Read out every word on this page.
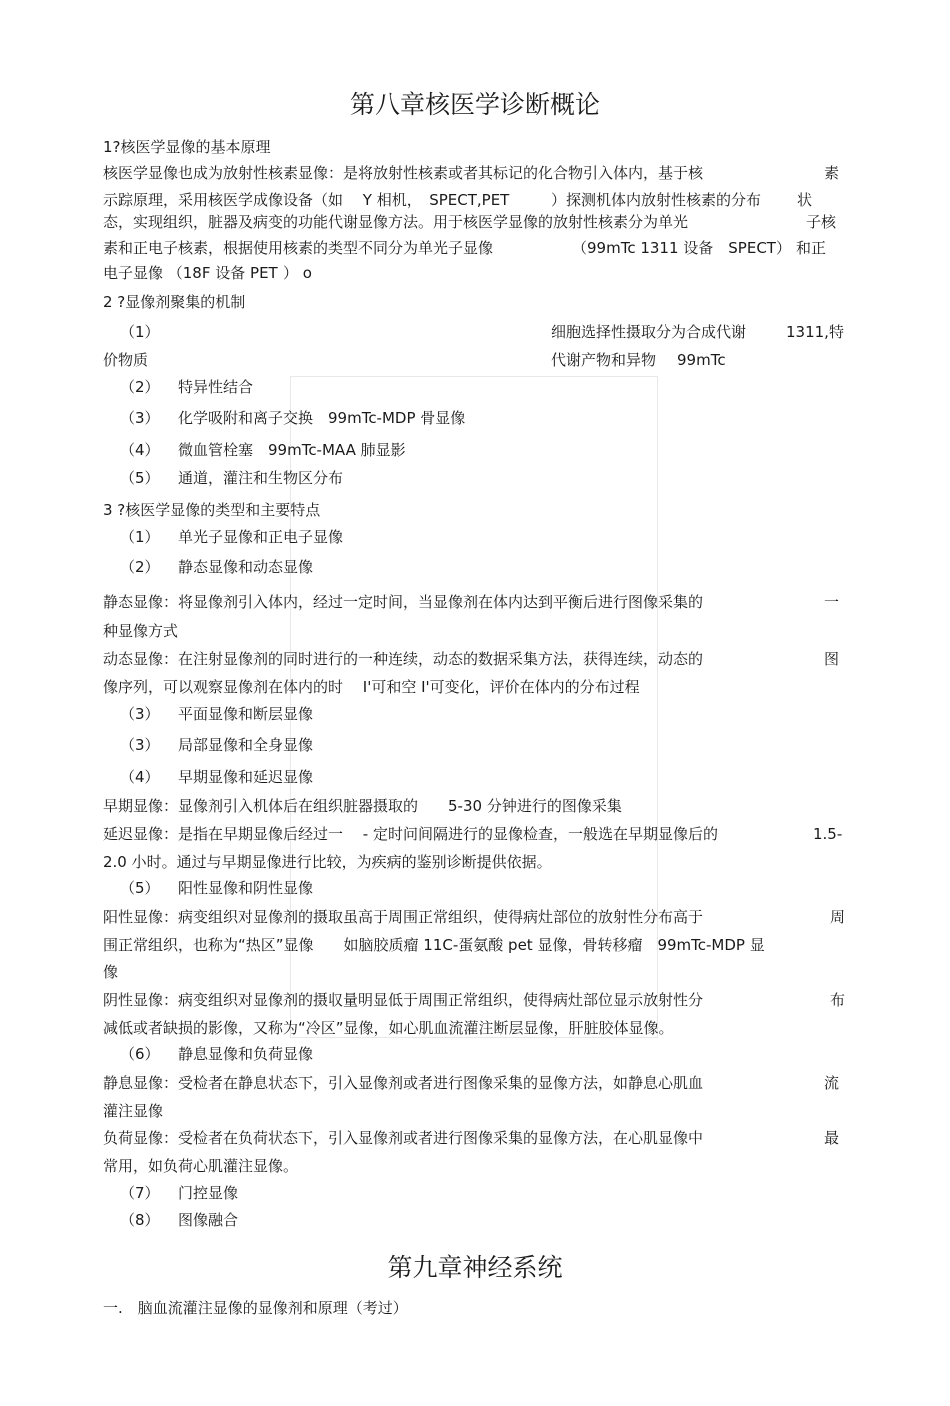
第八章核医学诊断概论
1?核医学显像的基本原理
核医学显像也成为放射性核素显像：是将放射性核素或者其标记的化合物引入体内，基于核	素
示踪原理，采用核医学成像设备（如　 Y 相机，　SPECT,PET	）探测机体内放射性核素的分布 状
态，实现组织，脏器及病变的功能代谢显像方法。用于核医学显像的放射性核素分为单光	子核
素和正电子核素，根据使用核素的类型不同分为单光子显像	（99mTc 1311 设备　SPECT ） 和正
电子显像 （18F 设备 PET ） o
2 ?显像剂聚集的机制
（1）	细胞选择性摄取分为合成代谢	1311,特
价物质	代谢产物和异物 99mTc
（2） 特异性结合
（3） 化学吸附和离子交换　99mTc-MDP 骨显像
（4） 微血管栓塞　99mTc-MAA 肺显影
（5） 通道，灌注和生物区分布
3 ?核医学显像的类型和主要特点
（1） 单光子显像和正电子显像
（2） 静态显像和动态显像
静态显像：将显像剂引入体内，经过一定时间，当显像剂在体内达到平衡后进行图像采集的	一
种显像方式
动态显像：在注射显像剂的同时进行的一种连续，动态的数据采集方法，获得连续，动态的	图
像序列，可以观察显像剂在体内的时　 I'可和空 I'可变化，评价在体内的分布过程
（3） 平面显像和断层显像
（3） 局部显像和全身显像
（4） 早期显像和延迟显像
早期显像：显像剂引入机体后在组织脏器摄取的　　5-30 分钟进行的图像采集
延迟显像：是指在早期显像后经过一　 - 定时问间隔进行的显像检查，一般选在早期显像后的	1.5-
2.0 小时。通过与早期显像进行比较，为疾病的鉴别诊断提供依据。
（5） 阳性显像和阴性显像
阳性显像：病变组织对显像剂的摄取虽高于周围正常组织，使得病灶部位的放射性分布高于	周
围正常组织，也称为“热区”显像　　如脑胶质瘤 11C-蛋氨酸 pet 显像，骨转移瘤　99mTc-MDP 显
像
阴性显像：病变组织对显像剂的摄収量明显低于周围正常组织，使得病灶部位显示放射性分	布
减低或者缺损的影像，又称为“冷区”显像，如心肌血流灌注断层显像，肝脏胶体显像。
（6） 静息显像和负荷显像
静息显像：受检者在静息状态下，引入显像剂或者进行图像采集的显像方法，如静息心肌血	流
灌注显像
负荷显像：受检者在负荷状态下，引入显像剂或者进行图像采集的显像方法，在心肌显像中	最
常用，如负荷心肌灌注显像。
（7） 门控显像
（8） 图像融合
第九章神经系统
一.　脑血流灌注显像的显像剂和原理（考过）
